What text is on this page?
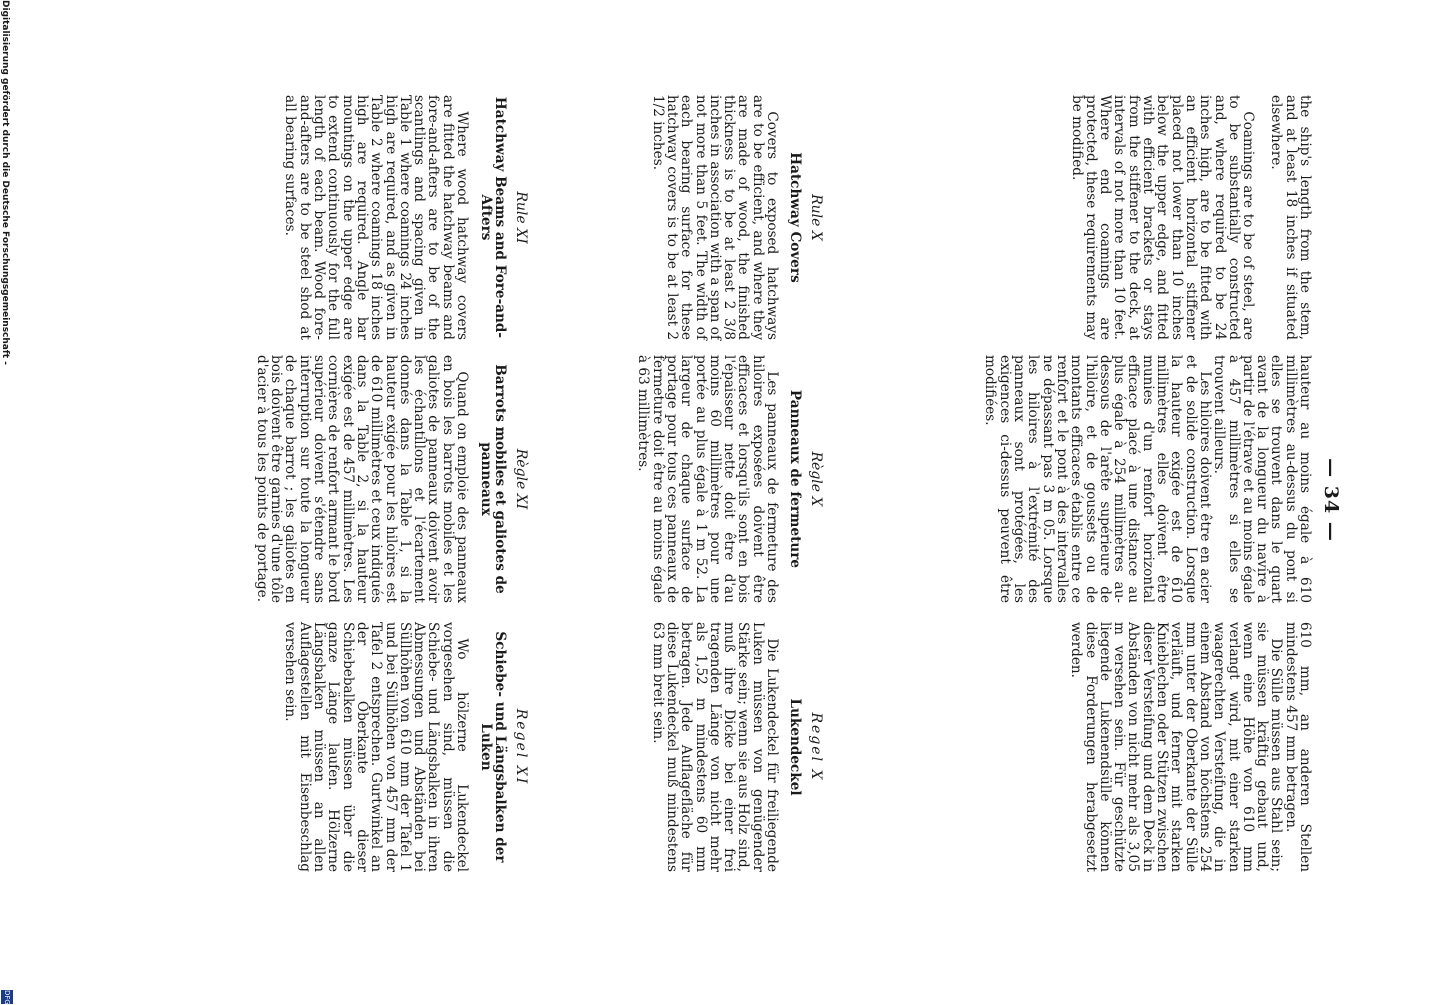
— 34 —

the ship's length from the stem, and at least 18 inches if situated elsewhere.

Coamings are to be of steel, are to be substantially constructed and, where required to be 24 inches high, are to be fitted with an efficient horizontal stiffener placed not lower than 10 inches below the upper edge, and fitted with efficient brackets or stays from the stiffener to the deck, at intervals of not more than 10 feet. Where end coamings are protected, these requirements may be modified.

hauteur au moins égale à 610 millimètres au-dessus du pont si elles se trouvent dans le quart avant de la longueur du navire à partir de l'étrave et au moins égale à 457 millimètres si elles se trouvent ailleurs.

Les hiloires doivent être en acier et de solide construction. Lorsque la hauteur exigée est de 610 millimètres elles doivent être munies d'un renfort horizontal efficace placé à une distance au plus égale à 254 millimètres au-dessous de l'arête supérieure de l'hiloire, et de goussets ou de montants efficaces établis entre ce renfort et le pont à des intervalles ne dépassant pas 3 m 05. Lorsque les hiloires à l'extrémité des panneaux sont protégées, les exigences ci-dessus peuvent être modifiées.

610 mm, an anderen Stellen mindestens 457 mm betragen.

Die Süllе müssen aus Stahl sein; sie müssen kräftig gebaut und, wenn eine Höhe von 610 mm verlangt wird, mit einer starken waagerechten Versteifung, die in einem Abstand von höchstens 254 mm unter der Oberkante der Sülle verläuft, und ferner mit starken Knieblechen oder Stützen zwischen dieser Versteifung und dem Deck in Abständen von nicht mehr als 3,05 m versehen sein. Für geschützte liegende Lukenendsülle können diese Forderungen herabgesetzt werden.

Rule X
Règle X
Regel X
Hatchway Covers
Panneaux de fermeture
Lukendeckel

Covers to exposed hatchways are to be efficient, and where they are made of wood, the finished thickness is to be at least 2 3/8 inches in association with a span of not more than 5 feet. The width of each bearing surface for these hatchway covers is to be at least 2 1/2 inches.

Les panneaux de fermeture des hiloires exposées doivent être efficaces et lorsqu'ils sont en bois l'épaisseur nette doit être d'au moins 60 millimètres pour une portée au plus égale à 1 m 52. La largeur de chaque surface de portage pour tous ces panneaux de fermeture doit être au moins égale à 63 millimètres.

Die Lukendeckel für freiliegende Luken müssen von genügender Stärke sein; wenn sie aus Holz sind, muß ihre Dicke bei einer frei tragenden Länge von nicht mehr als 1,52 m mindestens 60 mm betragen. Jede Auflagefläche für diese Lukendeckel muß mindestens 63 mm breit sein.

Rule XI
Règle XI
Regel XI
Hatchway Beams and Fore-and-Afters
Barrots mobiles et galiotes de panneaux
Schiebe- und Längsbalken der Luken

Where wood hatchway covers are fitted the hatchway beams and fore-and-afters are to be of the scantlings and spacing given in Table 1 where coamings 24 inches high are required, and as given in Table 2 where coamings 18 inches high are required. Angle bar mountings on the upper edge are to extend continuously for the full length of each beam. Wood fore-and-afters are to be steel shod at all bearing surfaces.

Quand on emploie des panneaux en bois les barrots mobiles et les galiotes de panneaux doivent avoir les échantillons et l'écartement donnés dans la Table 1, si la hauteur exigée pour les hiloires est de 610 millimètres et ceux indiqués dans la Table 2, si la hauteur exigée est de 457 millimètres. Les cornières de renfort armant le bord supérieur doivent s'étendre sans interruption sur toute la longueur de chaque barrot ; les galiotes en bois doivent être garnies d'une tôle d'acier à tous les points de portage.

Wo hölzerne Lukendeckel vorgesehen sind, müssen die Schiebe- und Längsbalken in ihren Abmessungen und Abständen bei Süllhöhen von 610 mm der Tafel 1 und bei Süllhöhen von 457 mm der Tafel 2 entsprechen. Gurtwinkel an der Oberkante dieser Schiebebalken müssen über die ganze Länge laufen. Hölzerne Längsbalken müssen an allen Auflagestellen mit Eisenbeschlag versehen sein.

Digitalisierung gefördert durch die Deutsche Forschungsgemeinschaft -
DFG
